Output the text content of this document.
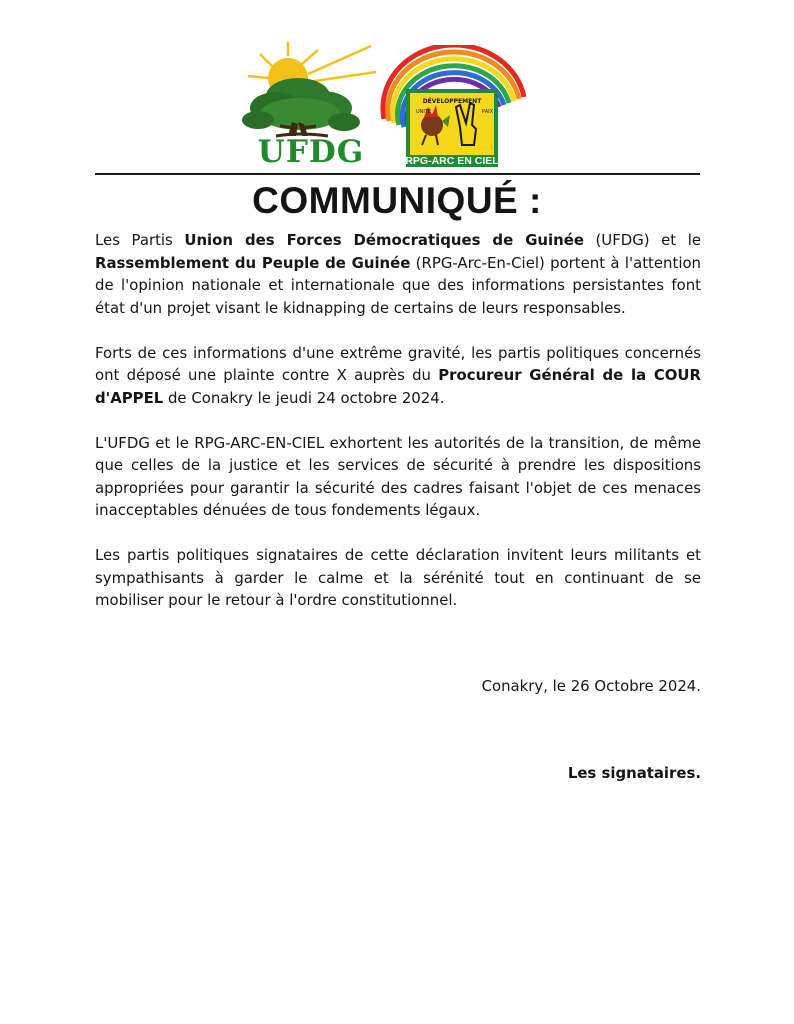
UFDG
DÉVELOPPEMENT
UNITÉ	PAIX
RPG-ARC EN CIEL
COMMUNIQUÉ :

Les Partis Union des Forces Démocratiques de Guinée (UFDG) et le Rassemblement du Peuple de Guinée (RPG-Arc-En-Ciel) portent à l'attention de l'opinion nationale et internationale que des informations persistantes font état d'un projet visant le kidnapping de certains de leurs responsables.

Forts de ces informations d'une extrême gravité, les partis politiques concernés ont déposé une plainte contre X auprès du Procureur Général de la COUR d'APPEL de Conakry le jeudi 24 octobre 2024.

L'UFDG et le RPG-ARC-EN-CIEL exhortent les autorités de la transition, de même que celles de la justice et les services de sécurité à prendre les dispositions appropriées pour garantir la sécurité des cadres faisant l'objet de ces menaces inacceptables dénuées de tous fondements légaux.

Les partis politiques signataires de cette déclaration invitent leurs militants et sympathisants à garder le calme et la sérénité tout en continuant de se mobiliser pour le retour à l'ordre constitutionnel.

Conakry, le 26 Octobre 2024.
Les signataires.
